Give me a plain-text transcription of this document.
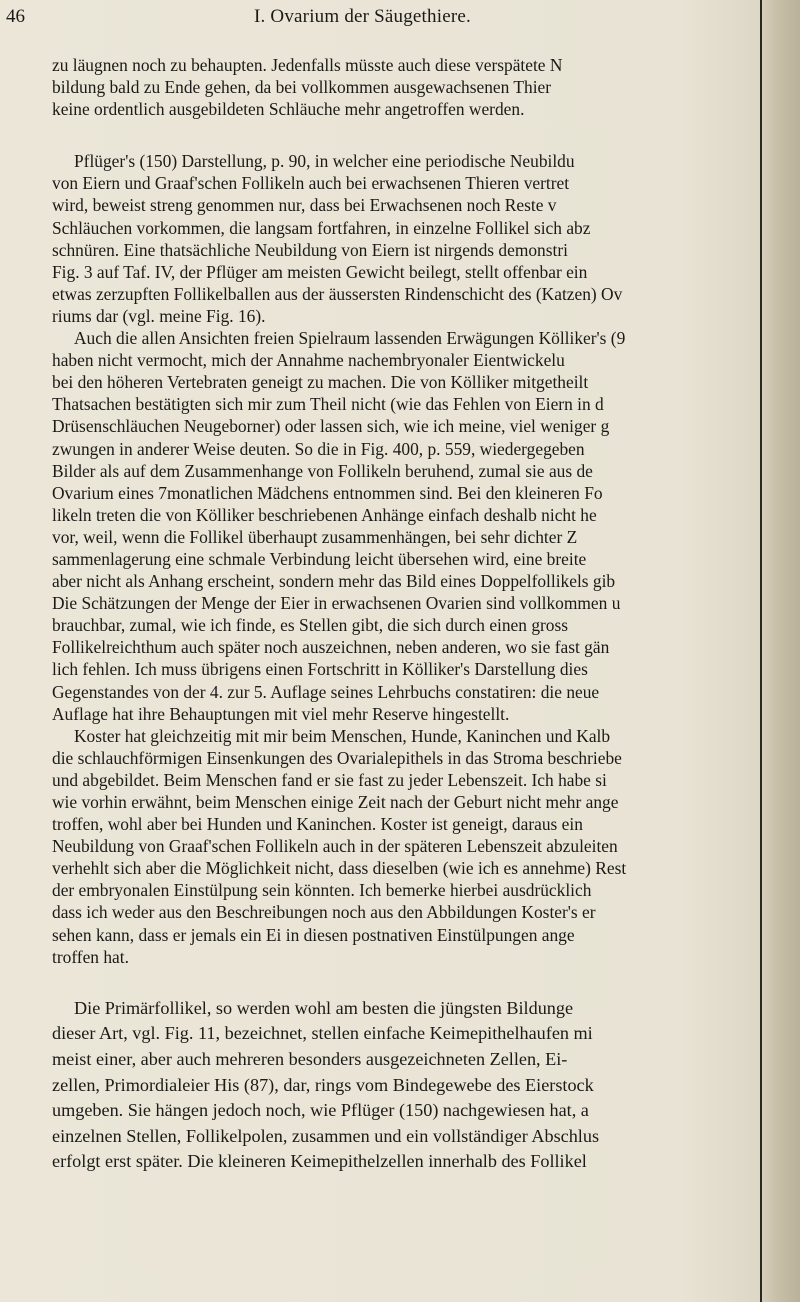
46	I. Ovarium der Säugethiere.
zu läugnen noch zu behaupten. Jedenfalls müsste auch diese verspätete N
bildung bald zu Ende gehen, da bei vollkommen ausgewachsenen Thier
keine ordentlich ausgebildeten Schläuche mehr angetroffen werden.
Pflüger's (150) Darstellung, p. 90, in welcher eine periodische Neubildu
von Eiern und Graaf'schen Follikeln auch bei erwachsenen Thieren vertret
wird, beweist streng genommen nur, dass bei Erwachsenen noch Reste v
Schläuchen vorkommen, die langsam fortfahren, in einzelne Follikel sich abz
schnüren. Eine thatsächliche Neubildung von Eiern ist nirgends demonstri
Fig. 3 auf Taf. IV, der Pflüger am meisten Gewicht beilegt, stellt offenbar ein
etwas zerzupften Follikelballen aus der äussersten Rindenschicht des (Katzen) Ov
riums dar (vgl. meine Fig. 16).
Auch die allen Ansichten freien Spielraum lassenden Erwägungen Kölliker's (9
haben nicht vermocht, mich der Annahme nachembryonaler Eientwickelu
bei den höheren Vertebraten geneigt zu machen. Die von Kölliker mitgetheilt
Thatsachen bestätigten sich mir zum Theil nicht (wie das Fehlen von Eiern in d
Drüsenschläuchen Neugeborner) oder lassen sich, wie ich meine, viel weniger g
zwungen in anderer Weise deuten. So die in Fig. 400, p. 559, wiedergegeben
Bilder als auf dem Zusammenhange von Follikeln beruhend, zumal sie aus de
Ovarium eines 7monatlichen Mädchens entnommen sind. Bei den kleineren Fo
likeln treten die von Kölliker beschriebenen Anhänge einfach deshalb nicht he
vor, weil, wenn die Follikel überhaupt zusammenhängen, bei sehr dichter Z
sammenlagerung eine schmale Verbindung leicht übersehen wird, eine breite
aber nicht als Anhang erscheint, sondern mehr das Bild eines Doppelfollikels gib
Die Schätzungen der Menge der Eier in erwachsenen Ovarien sind vollkommen u
brauchbar, zumal, wie ich finde, es Stellen gibt, die sich durch einen gross
Follikelreichthum auch später noch auszeichnen, neben anderen, wo sie fast gän
lich fehlen. Ich muss übrigens einen Fortschritt in Kölliker's Darstellung dies
Gegenstandes von der 4. zur 5. Auflage seines Lehrbuchs constatiren: die neue
Auflage hat ihre Behauptungen mit viel mehr Reserve hingestellt.
Koster hat gleichzeitig mit mir beim Menschen, Hunde, Kaninchen und Kalb
die schlauchförmigen Einsenkungen des Ovarialepithels in das Stroma beschriebe
und abgebildet. Beim Menschen fand er sie fast zu jeder Lebenszeit. Ich habe si
wie vorhin erwähnt, beim Menschen einige Zeit nach der Geburt nicht mehr ange
troffen, wohl aber bei Hunden und Kaninchen. Koster ist geneigt, daraus ein
Neubildung von Graaf'schen Follikeln auch in der späteren Lebenszeit abzuleiten
verhehlt sich aber die Möglichkeit nicht, dass dieselben (wie ich es annehme) Rest
der embryonalen Einstülpung sein könnten. Ich bemerke hierbei ausdrücklich
dass ich weder aus den Beschreibungen noch aus den Abbildungen Koster's er
sehen kann, dass er jemals ein Ei in diesen postnativen Einstülpungen ange
troffen hat.
Die Primärfollikel, so werden wohl am besten die jüngsten Bildunge
dieser Art, vgl. Fig. 11, bezeichnet, stellen einfache Keimepithelhaufen mi
meist einer, aber auch mehreren besonders ausgezeichneten Zellen, Ei-
zellen, Primordialeier His (87), dar, rings vom Bindegewebe des Eierstock
umgeben. Sie hängen jedoch noch, wie Pflüger (150) nachgewiesen hat, a
einzelnen Stellen, Follikelpolen, zusammen und ein vollständiger Abschlus
erfolgt erst später. Die kleineren Keimepithelzellen innerhalb des Follikel
